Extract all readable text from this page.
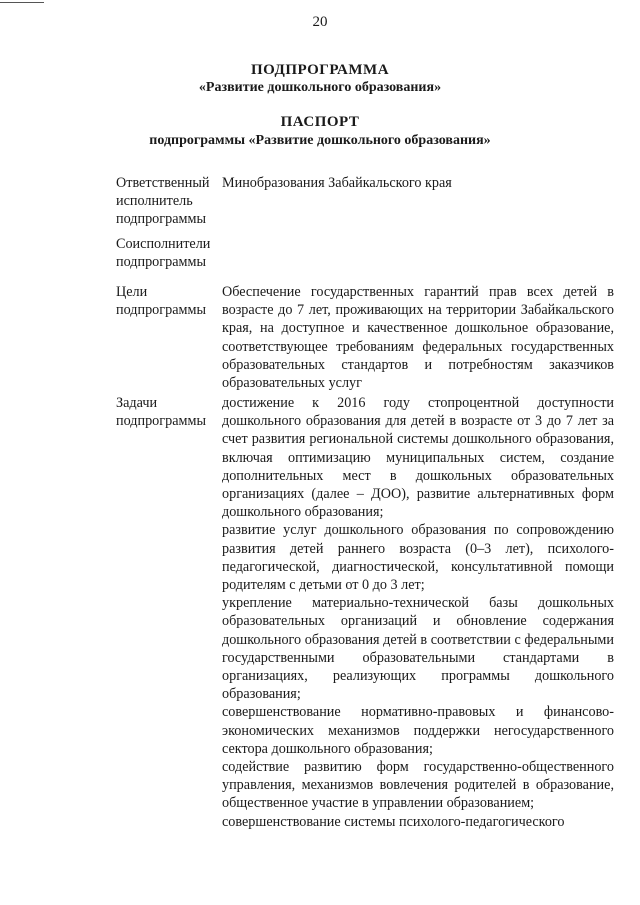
20
ПОДПРОГРАММА
«Развитие дошкольного образования»
ПАСПОРТ
подпрограммы «Развитие дошкольного образования»
Ответственный исполнитель подпрограммы
Минобразования Забайкальского края
Соисполнители подпрограммы
Цели подпрограммы
Обеспечение государственных гарантий прав всех детей в возрасте до 7 лет, проживающих на территории Забайкальского края, на доступное и качественное дошкольное образование, соответствующее требованиям федеральных государственных образовательных стандартов и потребностям заказчиков образовательных услуг
Задачи подпрограммы

достижение к 2016 году стопроцентной доступности дошкольного образования для детей в возрасте от 3 до 7 лет за счет развития региональной системы дошкольного образования, включая оптимизацию муниципальных систем, создание дополнительных мест в дошкольных образовательных организациях (далее – ДОО), развитие альтернативных форм дошкольного образования;

развитие услуг дошкольного образования по сопровождению развития детей раннего возраста (0–3 лет), психолого-педагогической, диагностической, консультативной помощи родителям с детьми от 0 до 3 лет;

укрепление материально-технической базы дошкольных образовательных организаций и обновление содержания дошкольного образования детей в соответствии с федеральными государственными образовательными стандартами в организациях, реализующих программы дошкольного образования;

совершенствование нормативно-правовых и финансово-экономических механизмов поддержки негосударственного сектора дошкольного образования;

содействие развитию форм государственно-общественного управления, механизмов вовлечения родителей в образование, общественное участие в управлении образованием;

совершенствование системы психолого-педагогического
